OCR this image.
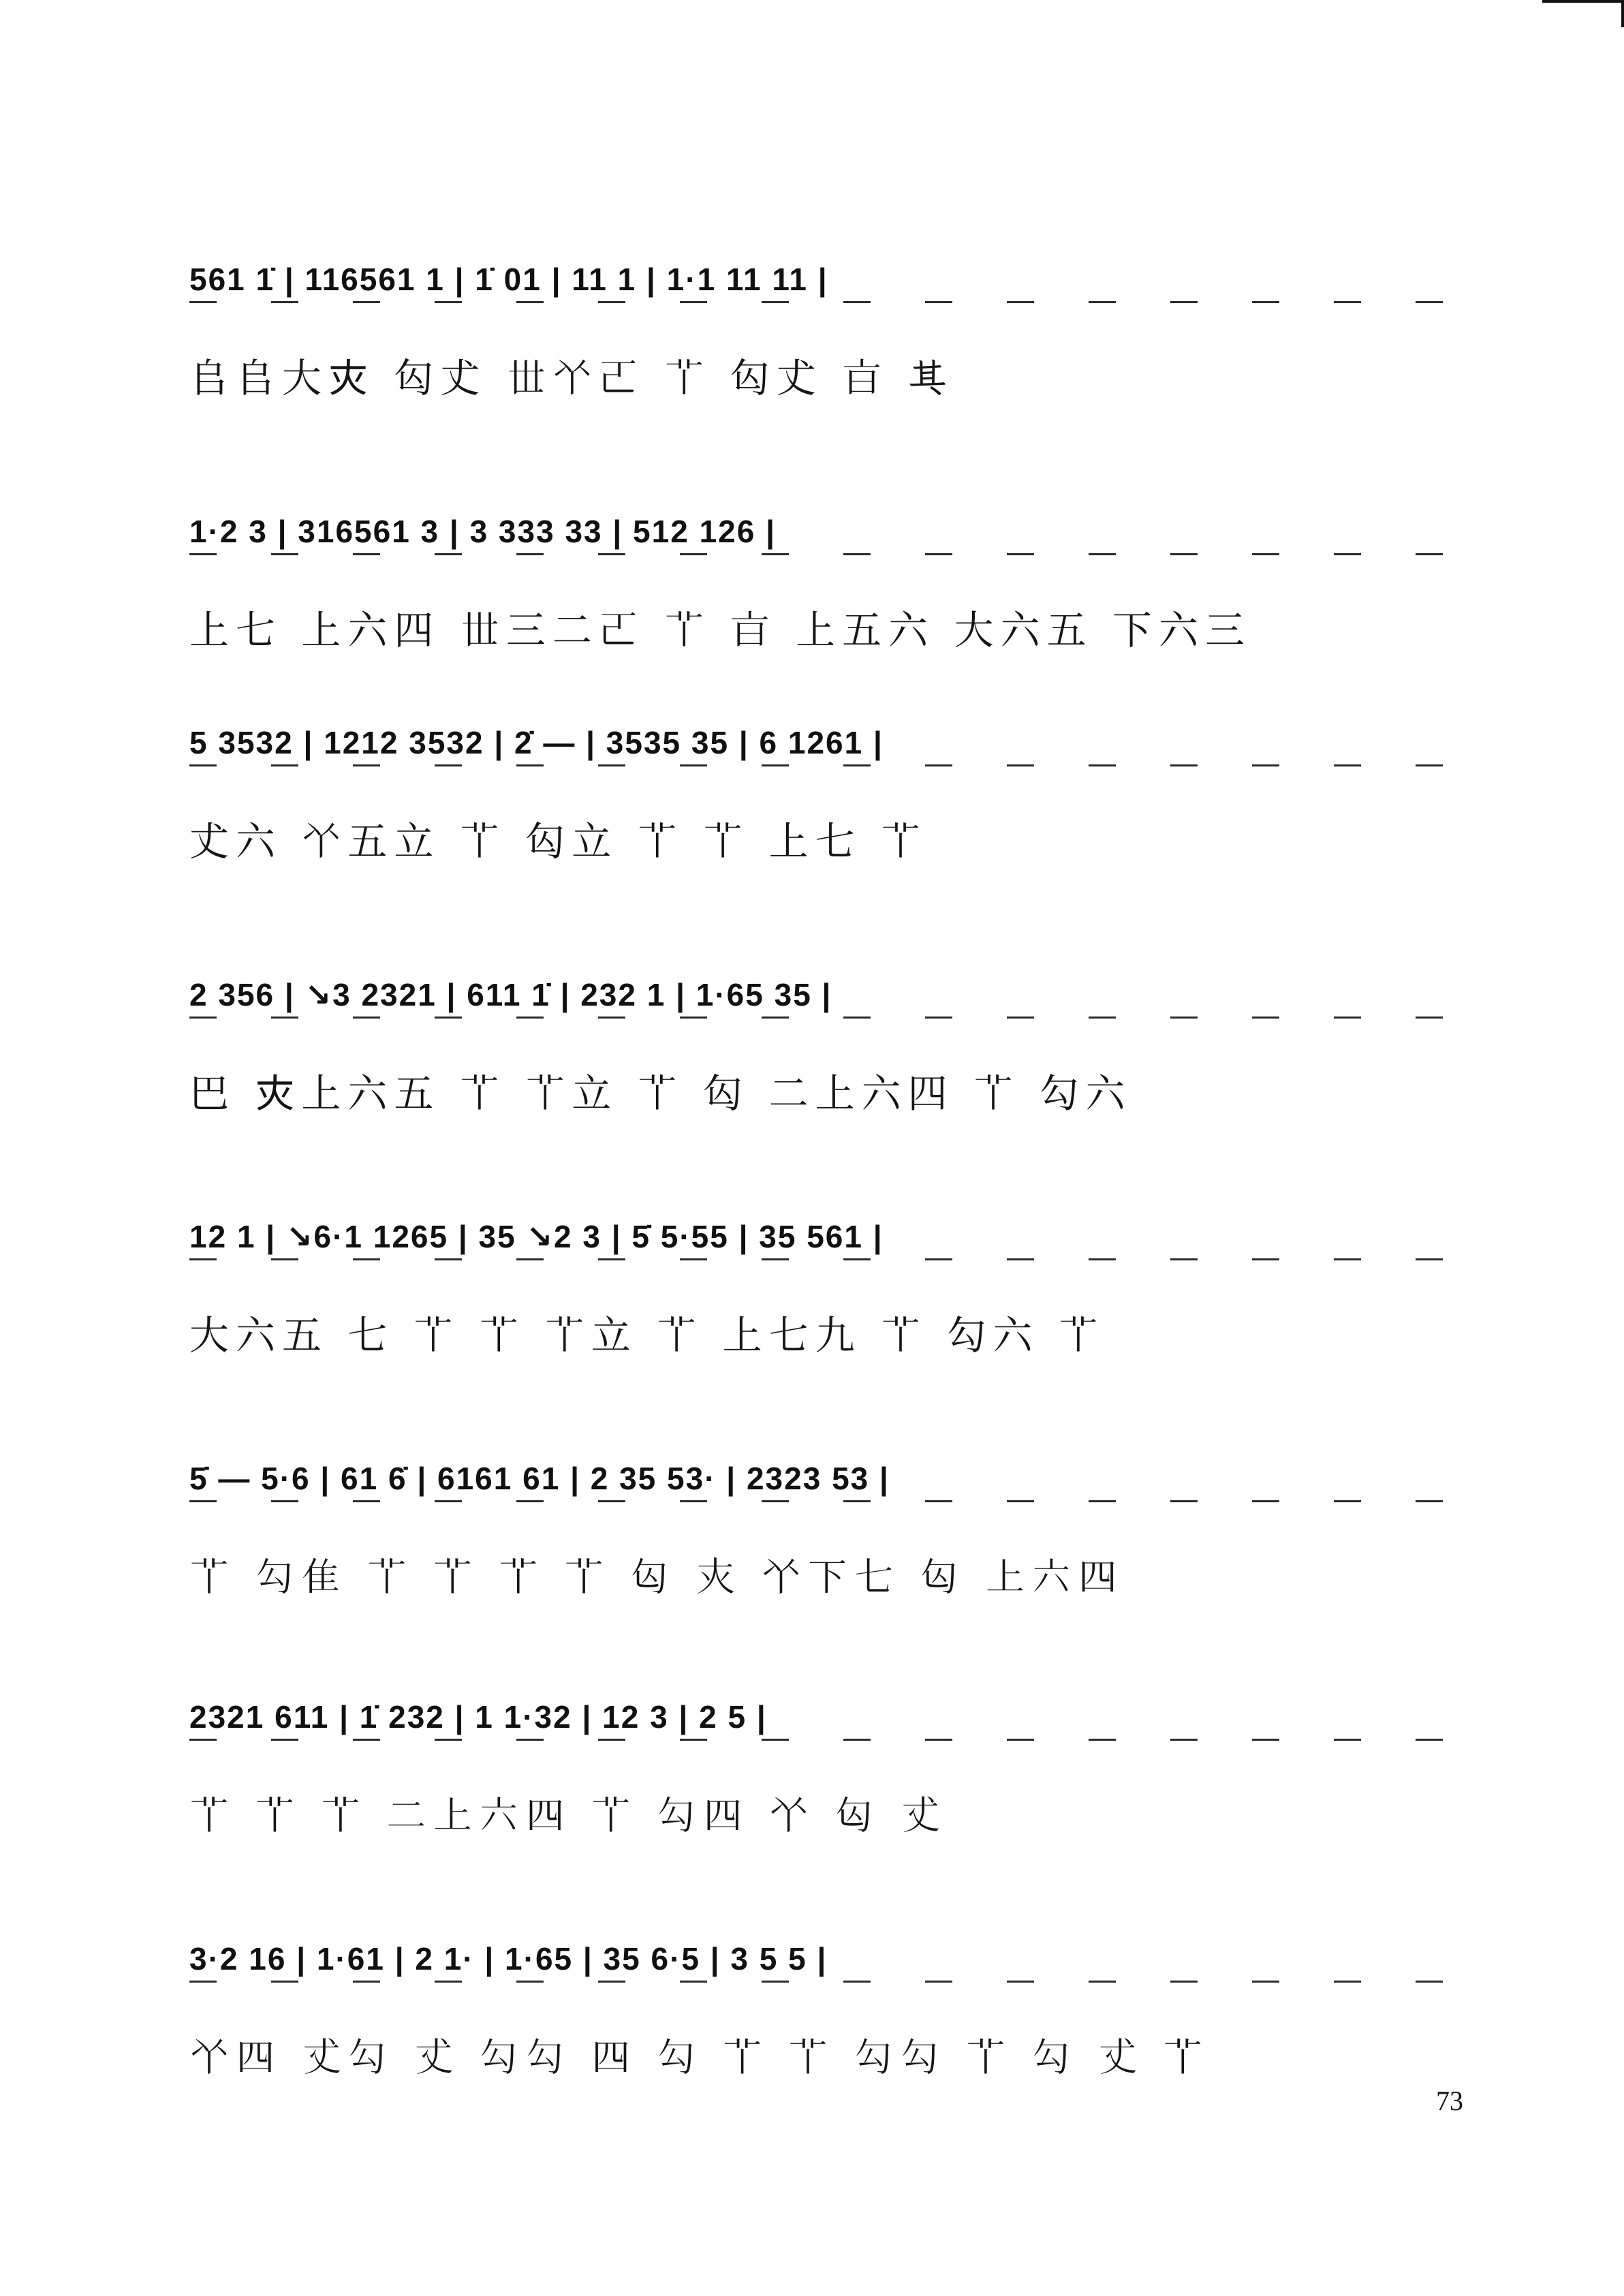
561 1̇ | 116561 1 | 1̇ 01 | 11 1 | 1·1 11 11 |
𠂤𠂤大𡗜 匃𠀋 𠀍𠁥𠀀 𦫳 匃𠀋 𣅀 𠀪
1·2 3 | 316561 3 | 3 333 33 | 512 126 |
上七 上六四 𠀍三二𠀀 𦫳 𣅀 上五六 大六五 下六三
5 3532 | 1212 3532 | 2̇ — | 3535 35 | 6 1261 |
𠀋六 𠁥五立 𦫳 匃立 𦫳 𦫳 上七 𦫳
2 356 | ↘3 2321 | 611 1̇ | 232 1 | 1·65 35 |
巴 𡗜上六五 𦫳 𦫳立 𦫳 匃 二上六四 𦫳 勾六
12 1 | ↘6·1 1265 | 35 ↘2 3 | 5̇ 5·55 | 35 561 |
大六五 七 𦫳 𦫳 𦫳立 𦫳 上七九 𦫳 勾六 𦫳
5̇ — 5·6 | 61 6̇ | 6161 61 | 2 35 53· | 2323 53 |
𦫳 勾隹 𦫳 𦫳 𦫳 𦫳 匃 𡗜 𠁥下七 匃 上六四
2321 611 | 1̇ 232 | 1 1·32 | 12 3 | 2 5 |
𦫳 𦫳 𦫳 二上六四 𦫳 勾四 𠁥 匃 𠀋
3·2 16 | 1·61 | 2 1· | 1·65 | 35 6·5 | 3 5 5 |
𠁥四 𠀋勾 𠀋 勾勾 四 勾 𦫳 𦫳 勾勾 𦫳 勾 𠀋 𦫳
73
